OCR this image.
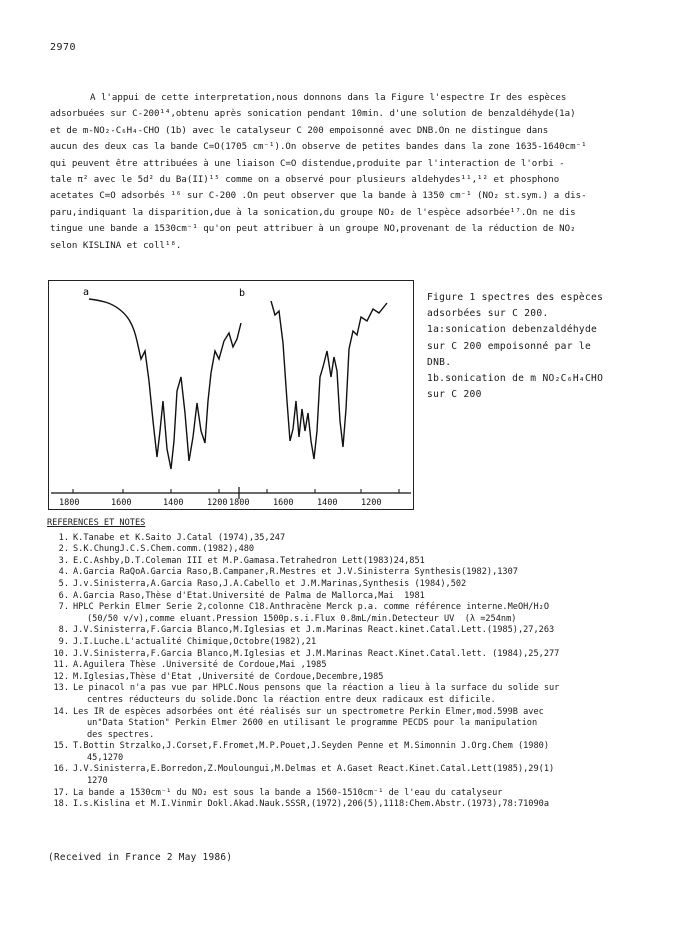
2970
A l'appui de cette interpretation,nous donnons dans la Figure l'espectre Ir des espèces
adsorbuées sur C-200¹⁴,obtenu après sonication pendant 10min. d'une solution de benzaldéhyde(1a)
et de m-NO₂-C₆H₄-CHO (1b) avec le catalyseur C 200 empoisonné avec DNB.On ne distingue dans
aucun des deux cas la bande C=O(1705 cm⁻¹).On observe de petites bandes dans la zone 1635-1640cm⁻¹
qui peuvent être attribuées à une liaison C=O distendue,produite par l'interaction de l'orbi -
tale π² avec le 5d² du Ba(II)¹⁵ comme on a observé pour plusieurs aldehydes¹¹,¹² et phosphono
acetates C=O adsorbés ¹⁶ sur C-200 .On peut observer que la bande à 1350 cm⁻¹ (NO₂ st.sym.) a dis-
paru,indiquant la disparition,due à la sonication,du groupe NO₂ de l'espèce adsorbée¹⁷.On ne dis
tingue une bande a 1530cm⁻¹ qu'on peut attribuer à un groupe NO,provenant de la réduction de NO₂
selon KISLINA et coll¹⁸.
a	b
1800	1600	1400	1200 1800	1600	1400	1200
Figure 1 spectres des espèces
adsorbées sur C 200.
1a:sonication debenzaldéhyde
sur C 200 empoisonné par le
DNB.
1b.sonication de m NO₂C₆H₄CHO
sur C 200
REFERENCES ET NOTES
1. K.Tanabe et K.Saito J.Catal (1974),35,247
2. S.K.ChungJ.C.S.Chem.comm.(1982),480
3. E.C.Ashby,D.T.Coleman III et M.P.Gamasa.Tetrahedron Lett(1983)24,851
4. A.Garcia RaQoA.Garcia Raso,B.Campaner,R.Mestres et J.V.Sinisterra Synthesis(1982),1307
5. J.v.Sinisterra,A.Garcia Raso,J.A.Cabello et J.M.Marinas,Synthesis (1984),502
6. A.Garcia Raso,Thèse d'Etat.Université de Palma de Mallorca,Mai  1981
7. HPLC Perkin Elmer Serie 2,colonne C18.Anthracène Merck p.a. comme référence interne.MeOH/H₂O
(50/50 v/v),comme eluant.Pression 1500p.s.i.Flux 0.8mL/min.Detecteur UV  (λ =254nm)
8. J.V.Sinisterra,F.Garcia Blanco,M.Iglesias et J.m.Marinas React.kinet.Catal.Lett.(1985),27,263
9. J.I.Luche.L'actualité Chimique,Octobre(1982),21
10. J.V.Sinisterra,F.Garcia Blanco,M.Iglesias et J.M.Marinas React.Kinet.Catal.lett. (1984),25,277
11. A.Aguilera Thèse .Université de Cordoue,Mai ,1985
12. M.Iglesias,Thèse d'Etat ,Université de Cordoue,Decembre,1985
13. Le pinacol n'a pas vue par HPLC.Nous pensons que la réaction a lieu à la surface du solide sur
centres réducteurs du solide.Donc la réaction entre deux radicaux est dificile.
14. Les IR de espèces adsorbées ont été réalisés sur un spectrometre Perkin Elmer,mod.599B avec
un"Data Station" Perkin Elmer 2600 en utilisant le programme PECDS pour la manipulation
des spectres.
15. T.Bottin Strzalko,J.Corset,F.Fromet,M.P.Pouet,J.Seyden Penne et M.Simonnin J.Org.Chem (1980)
45,1270
16. J.V.Sinisterra,E.Borredon,Z.Mouloungui,M.Delmas et A.Gaset React.Kinet.Catal.Lett(1985),29(1)
1270
17. La bande a 1530cm⁻¹ du NO₂ est sous la bande a 1560-1510cm⁻¹ de l'eau du catalyseur
18. I.s.Kislina et M.I.Vinmir Dokl.Akad.Nauk.SSSR,(1972),206(5),1118:Chem.Abstr.(1973),78:71090a
(Received in France 2 May 1986)
